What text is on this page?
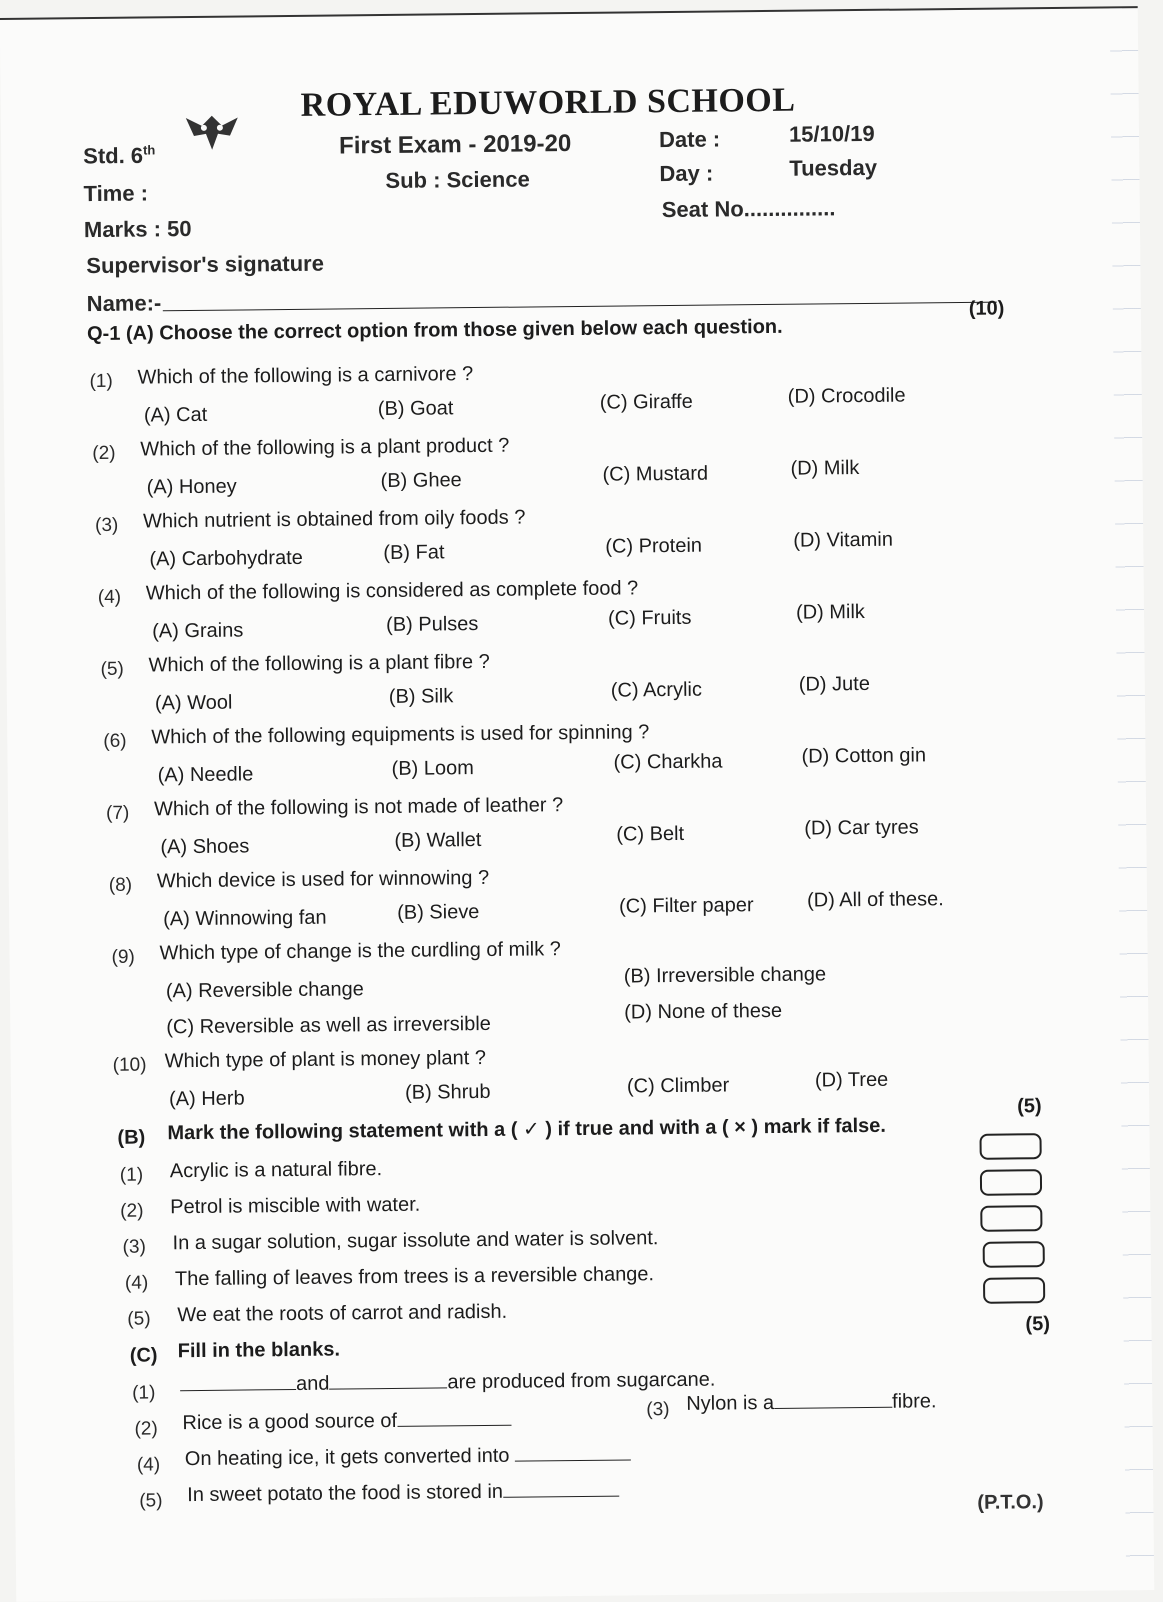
ROYAL EDUWORLD SCHOOL
Std. 6th
Time :
Marks : 50
Supervisor's signature
Name:-
First Exam - 2019-20
Sub : Science
Date :	15/10/19
Day :	Tuesday
Seat No...............
Q-1 (A) Choose the correct option from those given below each question.
(10)
(1) Which of the following is a carnivore ?
(A) Cat	(B) Goat	(C) Giraffe	(D) Crocodile
(2) Which of the following is a plant product ?
(A) Honey	(B) Ghee	(C) Mustard	(D) Milk
(3) Which nutrient is obtained from oily foods ?
(A) Carbohydrate	(B) Fat	(C) Protein	(D) Vitamin
(4) Which of the following is considered as complete food ?
(A) Grains	(B) Pulses	(C) Fruits	(D) Milk
(5) Which of the following is a plant fibre ?
(A) Wool	(B) Silk	(C) Acrylic	(D) Jute
(6) Which of the following equipments is used for spinning ?
(A) Needle	(B) Loom	(C) Charkha	(D) Cotton gin
(7) Which of the following is not made of leather ?
(A) Shoes	(B) Wallet	(C) Belt	(D) Car tyres
(8) Which device is used for winnowing ?
(A) Winnowing fan	(B) Sieve	(C) Filter paper	(D) All of these.
(9) Which type of change is the curdling of milk ?
(A) Reversible change
(B) Irreversible change
(C) Reversible as well as irreversible
(D) None of these
(10) Which type of plant is money plant ?
(A) Herb	(B) Shrub	(C) Climber	(D) Tree
(B) Mark the following statement with a ( ✓ ) if true and with a ( × ) mark if false.
(5)
(1) Acrylic is a natural fibre.
(2) Petrol is miscible with water.
(3) In a sugar solution, sugar issolute and water is solvent.
(4) The falling of leaves from trees is a reversible change.
(5) We eat the roots of carrot and radish.
(C) Fill in the blanks.
(5)
(1)	and	are produced from sugarcane.
(2) Rice is a good source of
(3) Nylon is a	fibre.
(4) On heating ice, it gets converted into
(5) In sweet potato the food is stored in	(P.T.O.)
